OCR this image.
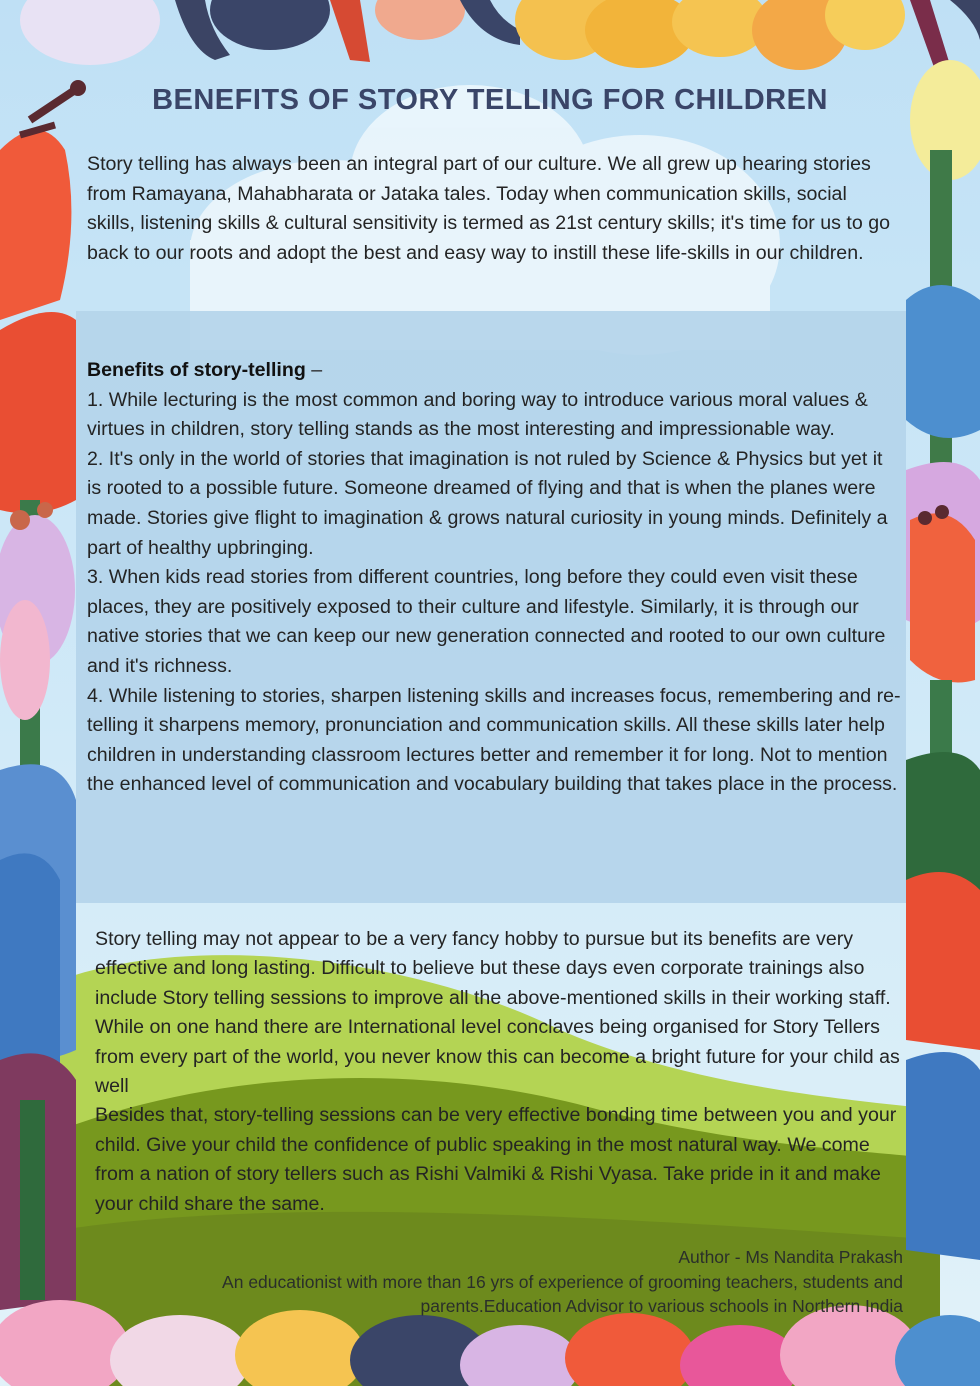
BENEFITS OF STORY TELLING FOR CHILDREN

Story telling has always been an integral part of our culture. We all grew up hearing stories from Ramayana, Mahabharata or Jataka tales. Today when communication skills, social skills, listening skills & cultural sensitivity is termed as 21st century skills; it's time for us to go back to our roots and adopt the best and easy way to instill these life-skills in our children.

Benefits of story-telling –

1. While lecturing is the most common and boring way to introduce various moral values & virtues in children, story telling stands as the most interesting and impressionable way.

2. It's only in the world of stories that imagination is not ruled by Science & Physics but yet it is rooted to a possible future. Someone dreamed of flying and that is when the planes were made. Stories give flight to imagination & grows natural curiosity in young minds. Definitely a part of healthy upbringing.

3. When kids read stories from different countries, long before they could even visit these places, they are positively exposed to their culture and lifestyle. Similarly, it is through our native stories that we can keep our new generation connected and rooted to our own culture and it's richness.

4. While listening to stories, sharpen listening skills and increases focus, remembering and re-telling it sharpens memory, pronunciation and communication skills. All these skills later help children in understanding classroom lectures better and remember it for long. Not to mention the enhanced level of communication and vocabulary building that takes place in the process.

Story telling may not appear to be a very fancy hobby to pursue but its benefits are very effective and long lasting. Difficult to believe but these days even corporate trainings also include Story telling sessions to improve all the above-mentioned skills in their working staff. While on one hand there are International level conclaves being organised for Story Tellers from every part of the world, you never know this can become a bright future for your child as well

Besides that, story-telling sessions can be very effective bonding time between you and your child. Give your child the confidence of public speaking in the most natural way. We come from a nation of story tellers such as Rishi Valmiki & Rishi Vyasa. Take pride in it and make your child share the same.

Author - Ms Nandita Prakash

An educationist with more than 16 yrs of experience of grooming teachers, students and parents.Education Advisor to various schools in Northern India
